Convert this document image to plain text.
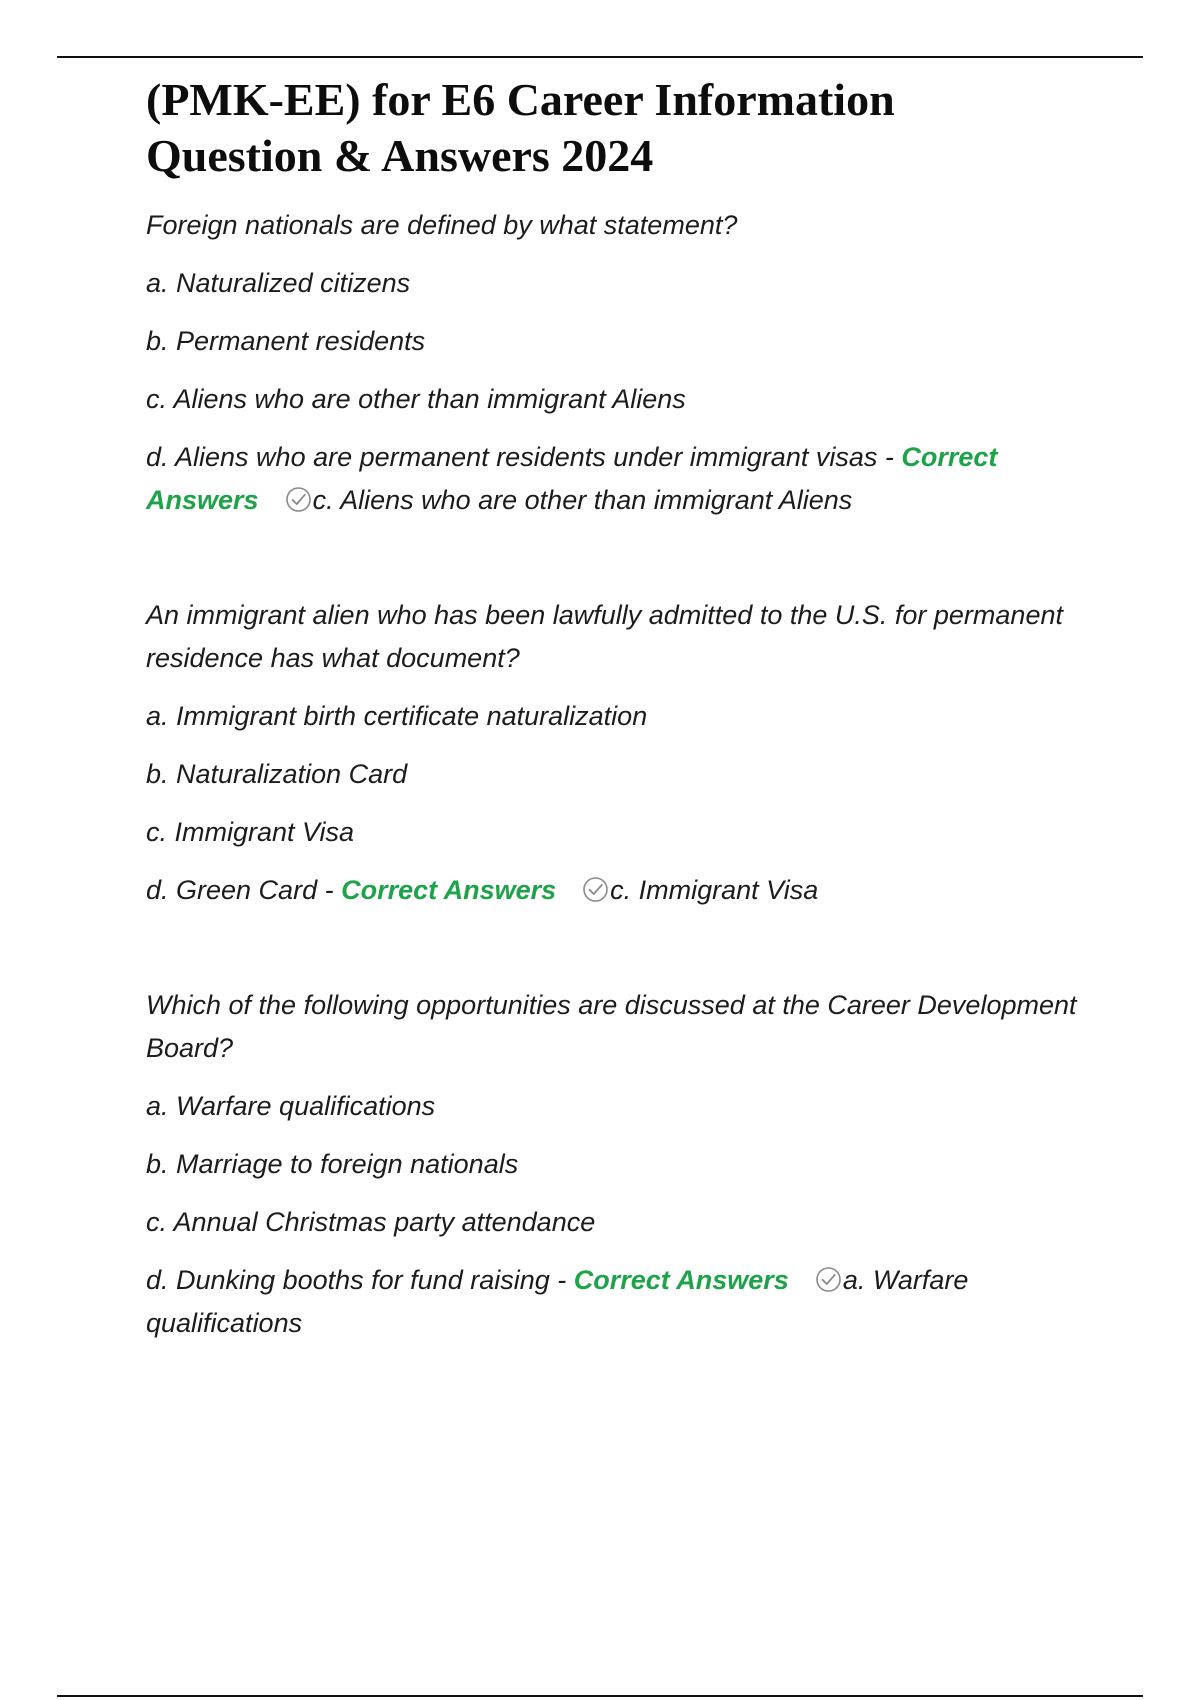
(PMK-EE) for E6 Career Information
Question & Answers 2024

Foreign nationals are defined by what statement?

a. Naturalized citizens

b. Permanent residents

c. Aliens who are other than immigrant Aliens

d. Aliens who are permanent residents under immigrant visas - Correct Answers c. Aliens who are other than immigrant Aliens

An immigrant alien who has been lawfully admitted to the U.S. for permanent residence has what document?

a. Immigrant birth certificate naturalization

b. Naturalization Card

c. Immigrant Visa

d. Green Card - Correct Answers c. Immigrant Visa

Which of the following opportunities are discussed at the Career Development Board?

a. Warfare qualifications

b. Marriage to foreign nationals

c. Annual Christmas party attendance

d. Dunking booths for fund raising - Correct Answers a. Warfare qualifications
